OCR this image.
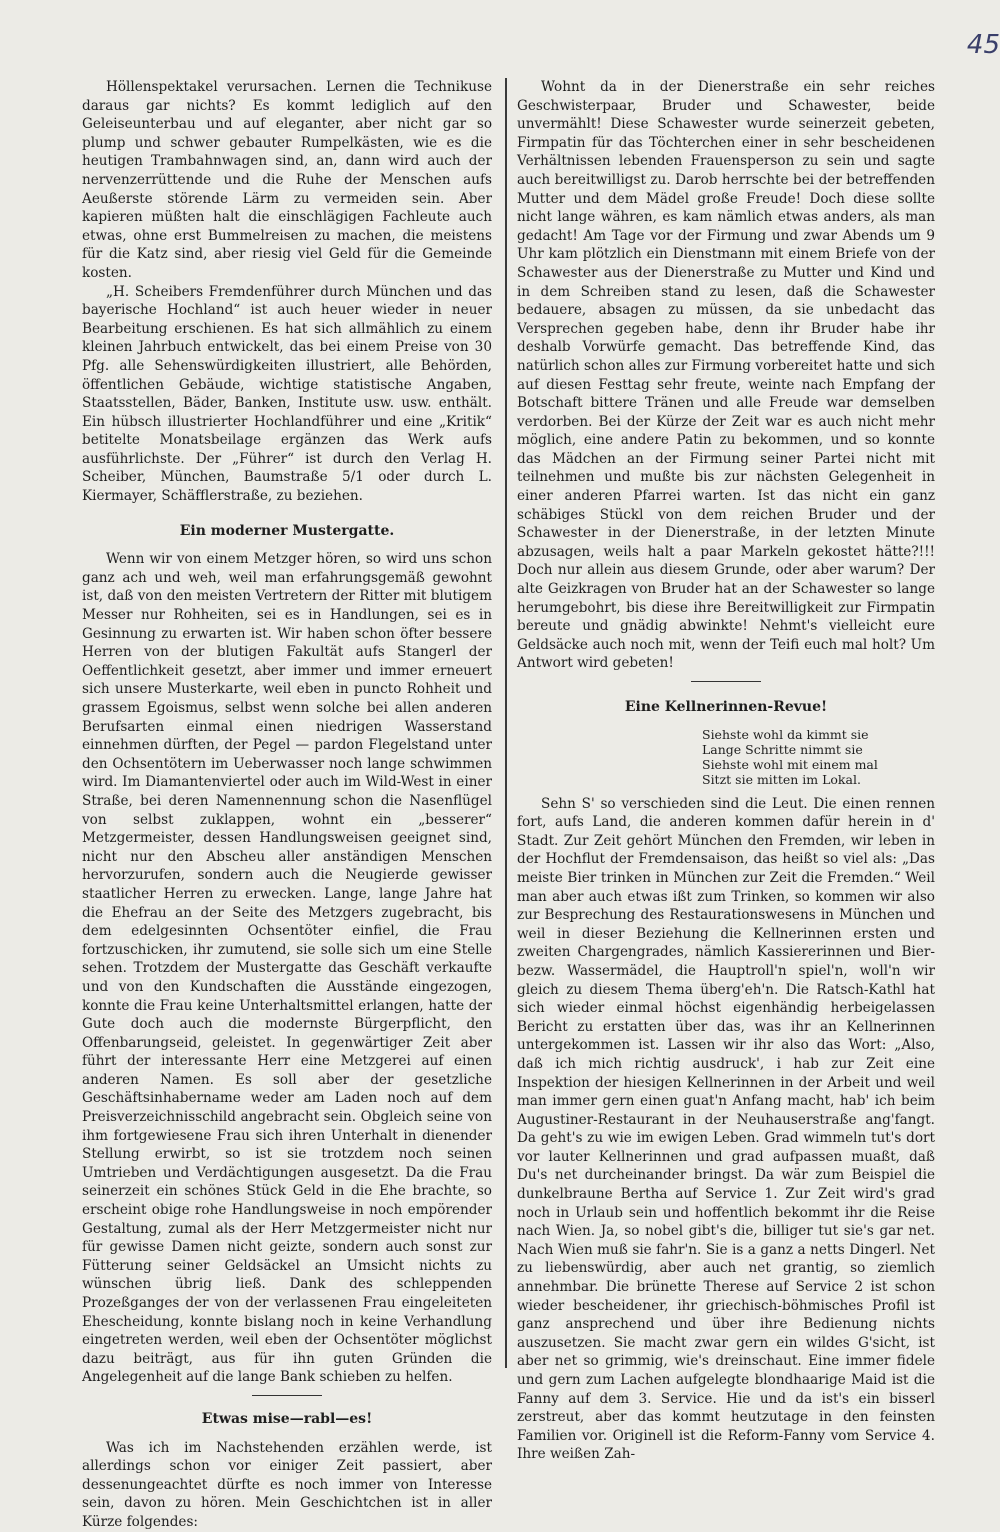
45

Höllenspektakel verursachen. Lernen die Technikuse daraus gar nichts? Es kommt lediglich auf den Geleiseunterbau und auf eleganter, aber nicht gar so plump und schwer gebauter Rumpelkästen, wie es die heutigen Trambahnwagen sind, an, dann wird auch der nervenzerrüttende und die Ruhe der Menschen aufs Aeußerste störende Lärm zu vermeiden sein. Aber kapieren müßten halt die einschlägigen Fachleute auch etwas, ohne erst Bummelreisen zu machen, die meistens für die Katz sind, aber riesig viel Geld für die Gemeinde kosten.

„H. Scheibers Fremdenführer durch München und das bayerische Hochland“ ist auch heuer wieder in neuer Bearbeitung erschienen. Es hat sich allmählich zu einem kleinen Jahrbuch entwickelt, das bei einem Preise von 30 Pfg. alle Sehenswürdigkeiten illustriert, alle Behörden, öffentlichen Gebäude, wichtige statistische Angaben, Staatsstellen, Bäder, Banken, Institute usw. usw. enthält. Ein hübsch illustrierter Hochlandführer und eine „Kritik“ betitelte Monatsbeilage ergänzen das Werk aufs ausführlichste. Der „Führer“ ist durch den Verlag H. Scheiber, München, Baumstraße 5/1 oder durch L. Kiermayer, Schäfflerstraße, zu beziehen.

Ein moderner Mustergatte.

Wenn wir von einem Metzger hören, so wird uns schon ganz ach und weh, weil man erfahrungsgemäß gewohnt ist, daß von den meisten Vertretern der Ritter mit blutigem Messer nur Rohheiten, sei es in Handlungen, sei es in Gesinnung zu erwarten ist. Wir haben schon öfter bessere Herren von der blutigen Fakultät aufs Stangerl der Oeffentlichkeit gesetzt, aber immer und immer erneuert sich unsere Musterkarte, weil eben in puncto Rohheit und grassem Egoismus, selbst wenn solche bei allen anderen Berufsarten einmal einen niedrigen Wasserstand einnehmen dürften, der Pegel — pardon Flegelstand unter den Ochsentötern im Ueberwasser noch lange schwimmen wird. Im Diamantenviertel oder auch im Wild-West in einer Straße, bei deren Namennennung schon die Nasenflügel von selbst zuklappen, wohnt ein „besserer“ Metzgermeister, dessen Handlungsweisen geeignet sind, nicht nur den Abscheu aller anständigen Menschen hervorzurufen, sondern auch die Neugierde gewisser staatlicher Herren zu erwecken. Lange, lange Jahre hat die Ehefrau an der Seite des Metzgers zugebracht, bis dem edelgesinnten Ochsentöter einfiel, die Frau fortzuschicken, ihr zumutend, sie solle sich um eine Stelle sehen. Trotzdem der Mustergatte das Geschäft verkaufte und von den Kundschaften die Ausstände eingezogen, konnte die Frau keine Unterhaltsmittel erlangen, hatte der Gute doch auch die modernste Bürgerpflicht, den Offenbarungseid, geleistet. In gegenwärtiger Zeit aber führt der interessante Herr eine Metzgerei auf einen anderen Namen. Es soll aber der gesetzliche Geschäftsinhabername weder am Laden noch auf dem Preisverzeichnisschild angebracht sein. Obgleich seine von ihm fortgewiesene Frau sich ihren Unterhalt in dienender Stellung erwirbt, so ist sie trotzdem noch seinen Umtrieben und Verdächtigungen ausgesetzt. Da die Frau seinerzeit ein schönes Stück Geld in die Ehe brachte, so erscheint obige rohe Handlungsweise in noch empörender Gestaltung, zumal als der Herr Metzgermeister nicht nur für gewisse Damen nicht geizte, sondern auch sonst zur Fütterung seiner Geldsäckel an Umsicht nichts zu wünschen übrig ließ. Dank des schleppenden Prozeßganges der von der verlassenen Frau eingeleiteten Ehescheidung, konnte bislang noch in keine Verhandlung eingetreten werden, weil eben der Ochsentöter möglichst dazu beiträgt, aus für ihn guten Gründen die Angelegenheit auf die lange Bank schieben zu helfen.

Etwas mise—rabl—es!

Was ich im Nachstehenden erzählen werde, ist allerdings schon vor einiger Zeit passiert, aber dessenungeachtet dürfte es noch immer von Interesse sein, davon zu hören. Mein Geschichtchen ist in aller Kürze folgendes:

Wohnt da in der Dienerstraße ein sehr reiches Geschwisterpaar, Bruder und Schawester, beide unvermählt! Diese Schawester wurde seinerzeit gebeten, Firmpatin für das Töchterchen einer in sehr bescheidenen Verhältnissen lebenden Frauensperson zu sein und sagte auch bereitwilligst zu. Darob herrschte bei der betreffenden Mutter und dem Mädel große Freude! Doch diese sollte nicht lange währen, es kam nämlich etwas anders, als man gedacht! Am Tage vor der Firmung und zwar Abends um 9 Uhr kam plötzlich ein Dienstmann mit einem Briefe von der Schawester aus der Dienerstraße zu Mutter und Kind und in dem Schreiben stand zu lesen, daß die Schawester bedauere, absagen zu müssen, da sie unbedacht das Versprechen gegeben habe, denn ihr Bruder habe ihr deshalb Vorwürfe gemacht. Das betreffende Kind, das natürlich schon alles zur Firmung vorbereitet hatte und sich auf diesen Festtag sehr freute, weinte nach Empfang der Botschaft bittere Tränen und alle Freude war demselben verdorben. Bei der Kürze der Zeit war es auch nicht mehr möglich, eine andere Patin zu bekommen, und so konnte das Mädchen an der Firmung seiner Partei nicht mit teilnehmen und mußte bis zur nächsten Gelegenheit in einer anderen Pfarrei warten. Ist das nicht ein ganz schäbiges Stückl von dem reichen Bruder und der Schawester in der Dienerstraße, in der letzten Minute abzusagen, weils halt a paar Markeln gekostet hätte?!!! Doch nur allein aus diesem Grunde, oder aber warum? Der alte Geizkragen von Bruder hat an der Schawester so lange herumgebohrt, bis diese ihre Bereitwilligkeit zur Firmpatin bereute und gnädig abwinkte! Nehmt's vielleicht eure Geldsäcke auch noch mit, wenn der Teifi euch mal holt? Um Antwort wird gebeten!

Eine Kellnerinnen-Revue!
Siehste wohl da kimmt sie
Lange Schritte nimmt sie
Siehste wohl mit einem mal
Sitzt sie mitten im Lokal.

Sehn S' so verschieden sind die Leut. Die einen rennen fort, aufs Land, die anderen kommen dafür herein in d' Stadt. Zur Zeit gehört München den Fremden, wir leben in der Hochflut der Fremdensaison, das heißt so viel als: „Das meiste Bier trinken in München zur Zeit die Fremden.“ Weil man aber auch etwas ißt zum Trinken, so kommen wir also zur Besprechung des Restaurationswesens in München und weil in dieser Beziehung die Kellnerinnen ersten und zweiten Chargengrades, nämlich Kassiererinnen und Bier- bezw. Wassermädel, die Hauptroll'n spiel'n, woll'n wir gleich zu diesem Thema überg'eh'n. Die Ratsch-Kathl hat sich wieder einmal höchst eigenhändig herbeigelassen Bericht zu erstatten über das, was ihr an Kellnerinnen untergekommen ist. Lassen wir ihr also das Wort: „Also, daß ich mich richtig ausdruck', i hab zur Zeit eine Inspektion der hiesigen Kellnerinnen in der Arbeit und weil man immer gern einen guat'n Anfang macht, hab' ich beim Augustiner-Restaurant in der Neuhauserstraße ang'fangt. Da geht's zu wie im ewigen Leben. Grad wimmeln tut's dort vor lauter Kellnerinnen und grad aufpassen muaßt, daß Du's net durcheinander bringst. Da wär zum Beispiel die dunkelbraune Bertha auf Service 1. Zur Zeit wird's grad noch in Urlaub sein und hoffentlich bekommt ihr die Reise nach Wien. Ja, so nobel gibt's die, billiger tut sie's gar net. Nach Wien muß sie fahr'n. Sie is a ganz a netts Dingerl. Net zu liebenswürdig, aber auch net grantig, so ziemlich annehmbar. Die brünette Therese auf Service 2 ist schon wieder bescheidener, ihr griechisch-böhmisches Profil ist ganz ansprechend und über ihre Bedienung nichts auszusetzen. Sie macht zwar gern ein wildes G'sicht, ist aber net so grimmig, wie's dreinschaut. Eine immer fidele und gern zum Lachen aufgelegte blondhaarige Maid ist die Fanny auf dem 3. Service. Hie und da ist's ein bisserl zerstreut, aber das kommt heutzutage in den feinsten Familien vor. Originell ist die Reform-Fanny vom Service 4. Ihre weißen Zah-
